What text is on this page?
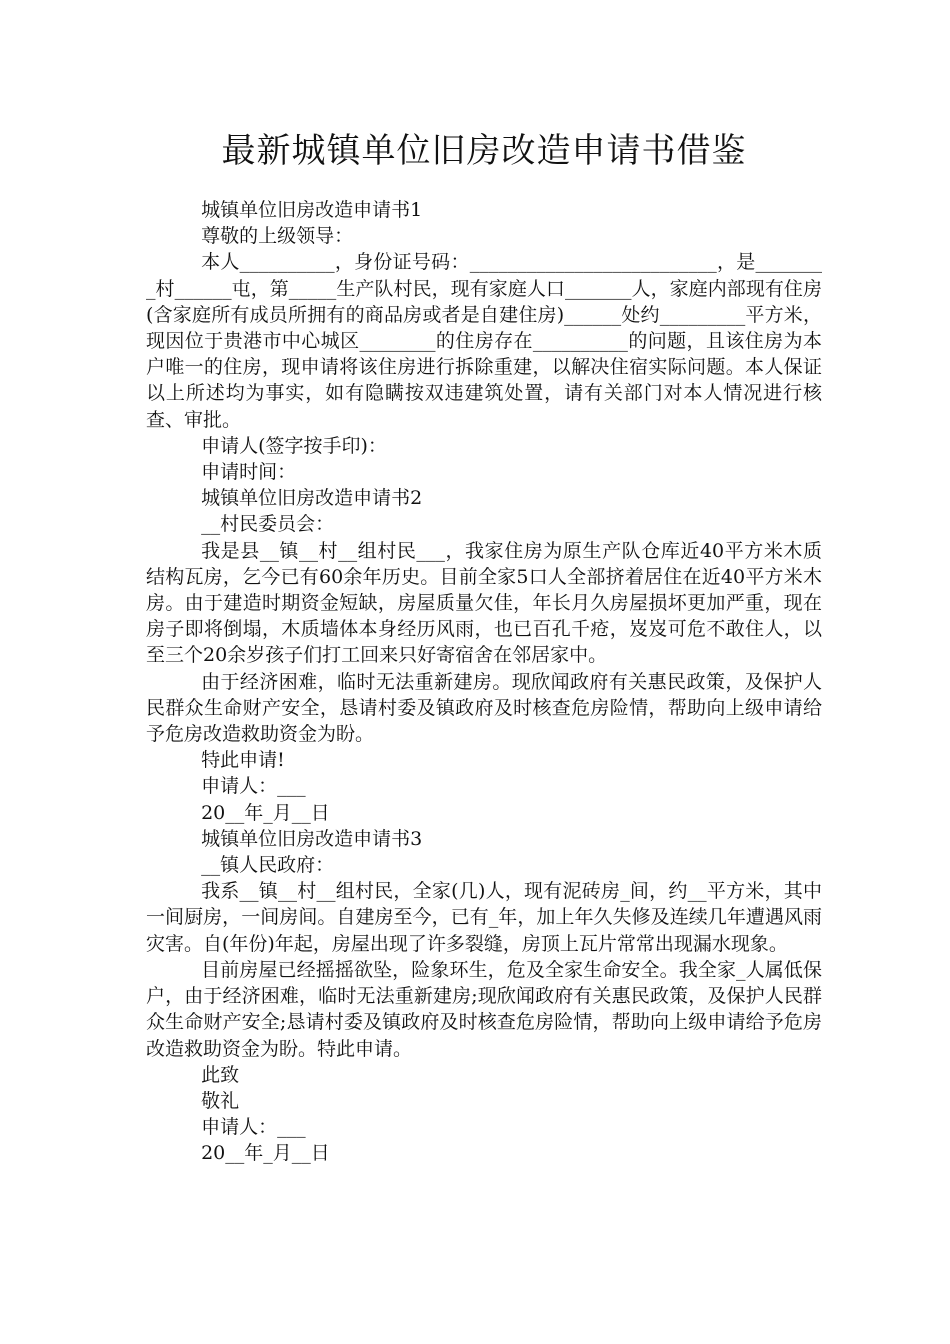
最新城镇单位旧房改造申请书借鉴

城镇单位旧房改造申请书1

尊敬的上级领导：

本人__________，身份证号码：__________________________，是________村______屯，第_____生产队村民，现有家庭人口_______人，家庭内部现有住房(含家庭所有成员所拥有的商品房或者是自建住房)______处约_________平方米，现因位于贵港市中心城区________的住房存在__________的问题，且该住房为本户唯一的住房，现申请将该住房进行拆除重建，以解决住宿实际问题。本人保证以上所述均为事实，如有隐瞒按双违建筑处置，请有关部门对本人情况进行核查、审批。

申请人(签字按手印)：

申请时间：

城镇单位旧房改造申请书2

__村民委员会：

我是县__镇__村__组村民___，我家住房为原生产队仓库近40平方米木质结构瓦房，乞今已有60余年历史。目前全家5口人全部挤着居住在近40平方米木房。由于建造时期资金短缺，房屋质量欠佳，年长月久房屋损坏更加严重，现在房子即将倒塌，木质墙体本身经历风雨，也已百孔千疮，岌岌可危不敢住人，以至三个20余岁孩子们打工回来只好寄宿舍在邻居家中。

由于经济困难，临时无法重新建房。现欣闻政府有关惠民政策，及保护人民群众生命财产安全，恳请村委及镇政府及时核查危房险情，帮助向上级申请给予危房改造救助资金为盼。

特此申请!

申请人：___

20__年_月__日

城镇单位旧房改造申请书3

__镇人民政府：

我系__镇__村__组村民，全家(几)人，现有泥砖房_间，约__平方米，其中一间厨房，一间房间。自建房至今，已有_年，加上年久失修及连续几年遭遇风雨灾害。自(年份)年起，房屋出现了许多裂缝，房顶上瓦片常常出现漏水现象。

目前房屋已经摇摇欲坠，险象环生，危及全家生命安全。我全家_人属低保户，由于经济困难，临时无法重新建房;现欣闻政府有关惠民政策，及保护人民群众生命财产安全;恳请村委及镇政府及时核查危房险情，帮助向上级申请给予危房改造救助资金为盼。特此申请。

此致

敬礼

申请人：___

20__年_月__日
